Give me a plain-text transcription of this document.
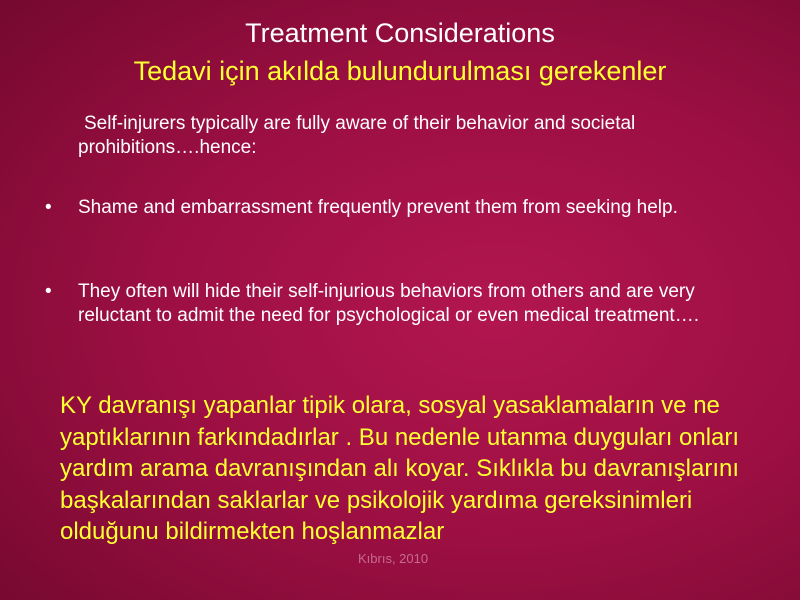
Treatment Considerations
Tedavi için akılda bulundurulması gerekenler
Self-injurers typically are fully aware of their behavior and societal prohibitions….hence:
• Shame and embarrassment frequently prevent them from seeking help.
• They often will hide their self-injurious behaviors from others and are very reluctant to admit the need for psychological or even medical treatment….
KY davranışı yapanlar tipik olara, sosyal yasaklamaların ve ne yaptıklarının farkındadırlar . Bu nedenle utanma duyguları onları yardım arama davranışından alı koyar. Sıklıkla bu davranışlarını başkalarından saklarlar ve psikolojik yardıma gereksinimleri olduğunu bildirmekten hoşlanmazlar
Kıbrıs, 2010
